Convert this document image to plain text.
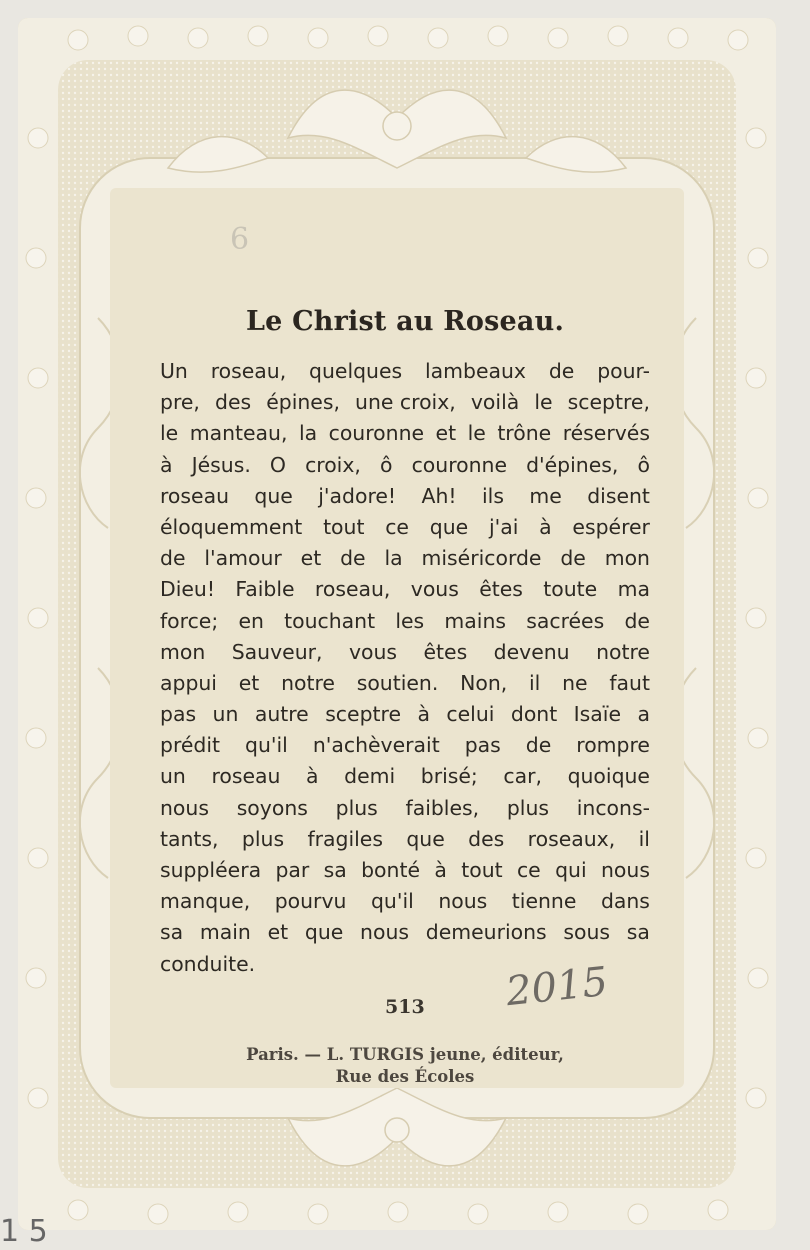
6
Le Christ au Roseau.
Un roseau, quelques lambeaux de pour-
pre, des épines, une croix, voilà le sceptre,
le manteau, la couronne et le trône réservés
à Jésus. O croix, ô couronne d'épines, ô
roseau que j'adore! Ah! ils me disent
éloquemment tout ce que j'ai à espérer
de l'amour et de la miséricorde de mon
Dieu! Faible roseau, vous êtes toute ma
force; en touchant les mains sacrées de
mon Sauveur, vous êtes devenu notre
appui et notre soutien. Non, il ne faut
pas un autre sceptre à celui dont Isaïe a
prédit qu'il n'achèverait pas de rompre
un roseau à demi brisé; car, quoique
nous soyons plus faibles, plus incons-
tants, plus fragiles que des roseaux, il
suppléera par sa bonté à tout ce qui nous
manque, pourvu qu'il nous tienne dans
sa main et que nous demeurions sous sa
conduite.	2015
513
Paris. — L. TURGIS jeune, éditeur,
Rue des Écoles
1 5
